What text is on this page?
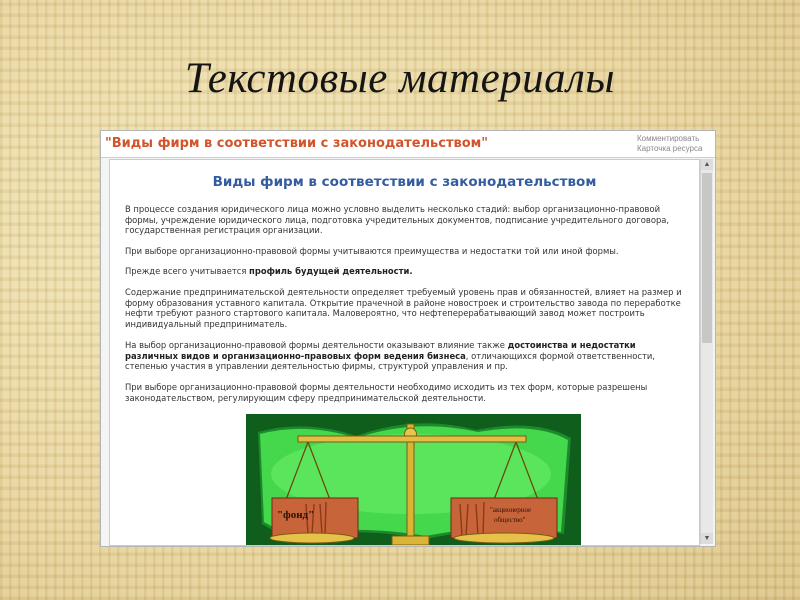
Текстовые материалы
"Виды фирм в соответствии с законодательством"	Комментировать
Карточка ресурса
Виды фирм в соответствии с законодательством

В процессе создания юридического лица можно условно выделить несколько стадий: выбор организационно-правовой формы, учреждение юридического лица, подготовка учредительных документов, подписание учредительного договора, государственная регистрация организации.

При выборе организационно-правовой формы учитываются преимущества и недостатки той или иной формы.

Прежде всего учитывается профиль будущей деятельности.

Содержание предпринимательской деятельности определяет требуемый уровень прав и обязанностей, влияет на размер и форму образования уставного капитала. Открытие прачечной в районе новостроек и строительство завода по переработке нефти требуют разного стартового капитала. Маловероятно, что нефтеперерабатывающий завод может построить индивидуальный предприниматель.

На выбор организационно-правовой формы деятельности оказывают влияние также достоинства и недостатки различных видов и организационно-правовых форм ведения бизнеса, отличающихся формой ответственности, степенью участия в управлении деятельностью фирмы, структурой управления и пр.

При выборе организационно-правовой формы деятельности необходимо исходить из тех форм, которые разрешены законодательством, регулирующим сферу предпринимательской деятельности.

"фонд"	"акционерное общество"
▲
▼
